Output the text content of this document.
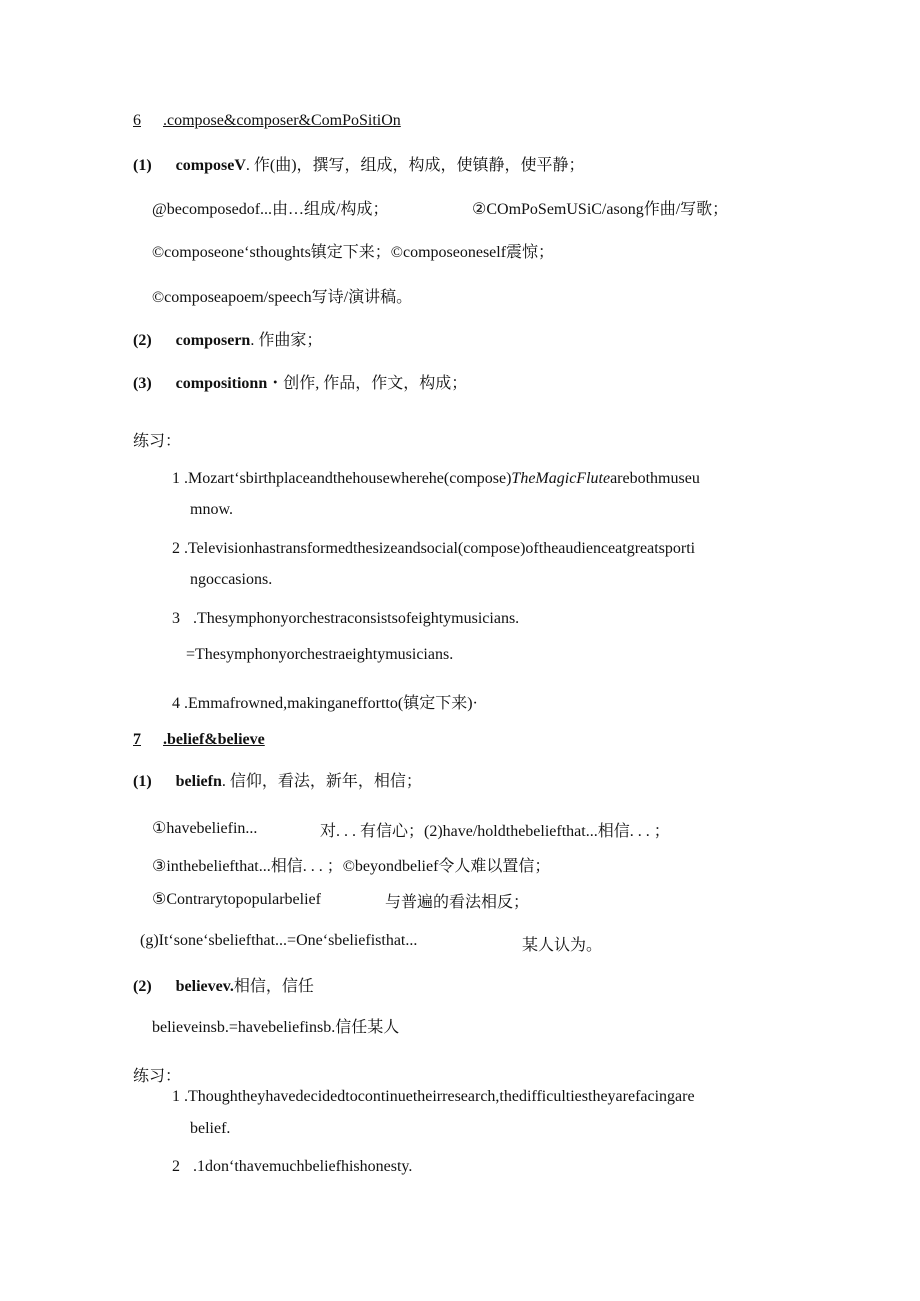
6 .compose&composer&ComPoSitiOn
(1) composeV. 作(曲)，撰写，组成，构成，使镇静，使平静；
@becomposedof...由…组成/构成；	②COmPoSemUSiC/asong作曲/写歌；
©composeone‘sthoughts镇定下来；©composeoneself震惊；
©composeapoem/speech写诗/演讲稿。
(2) composern. 作曲家；
(3) compositionn・创作, 作品，作文，构成；
练习：
1 .Mozart‘sbirthplaceandthehousewherehe(compose)TheMagicFlutearebothmuseu
mnow.
2 .Televisionhastransformedthesizeandsocial(compose)oftheaudienceatgreatsporti
ngoccasions.
3 .Thesymphonyorchestraconsistsofeightymusicians.
=Thesymphonyorchestraeightymusicians.
4 .Emmafrowned,makinganeffortto(镇定下来)·
7 .belief&believe
(1) beliefn. 信仰，看法，新年，相信；
①havebeliefin...	对. . . 有信心；(2)have/holdthebeliefthat...相信. . . ；
③inthebeliefthat...相信. . . ；©beyondbelief令人难以置信；
⑤Contrarytopopularbelief	与普遍的看法相反；
(g)It‘sone‘sbeliefthat...=One‘sbeliefisthat...	某人认为。
(2) believev.相信，信任
believeinsb.=havebeliefinsb.信任某人
练习：
1 .Thoughtheyhavedecidedtocontinuetheirresearch,thedifficultiestheyarefacingare
belief.
2 .1don‘thavemuchbeliefhishonesty.
